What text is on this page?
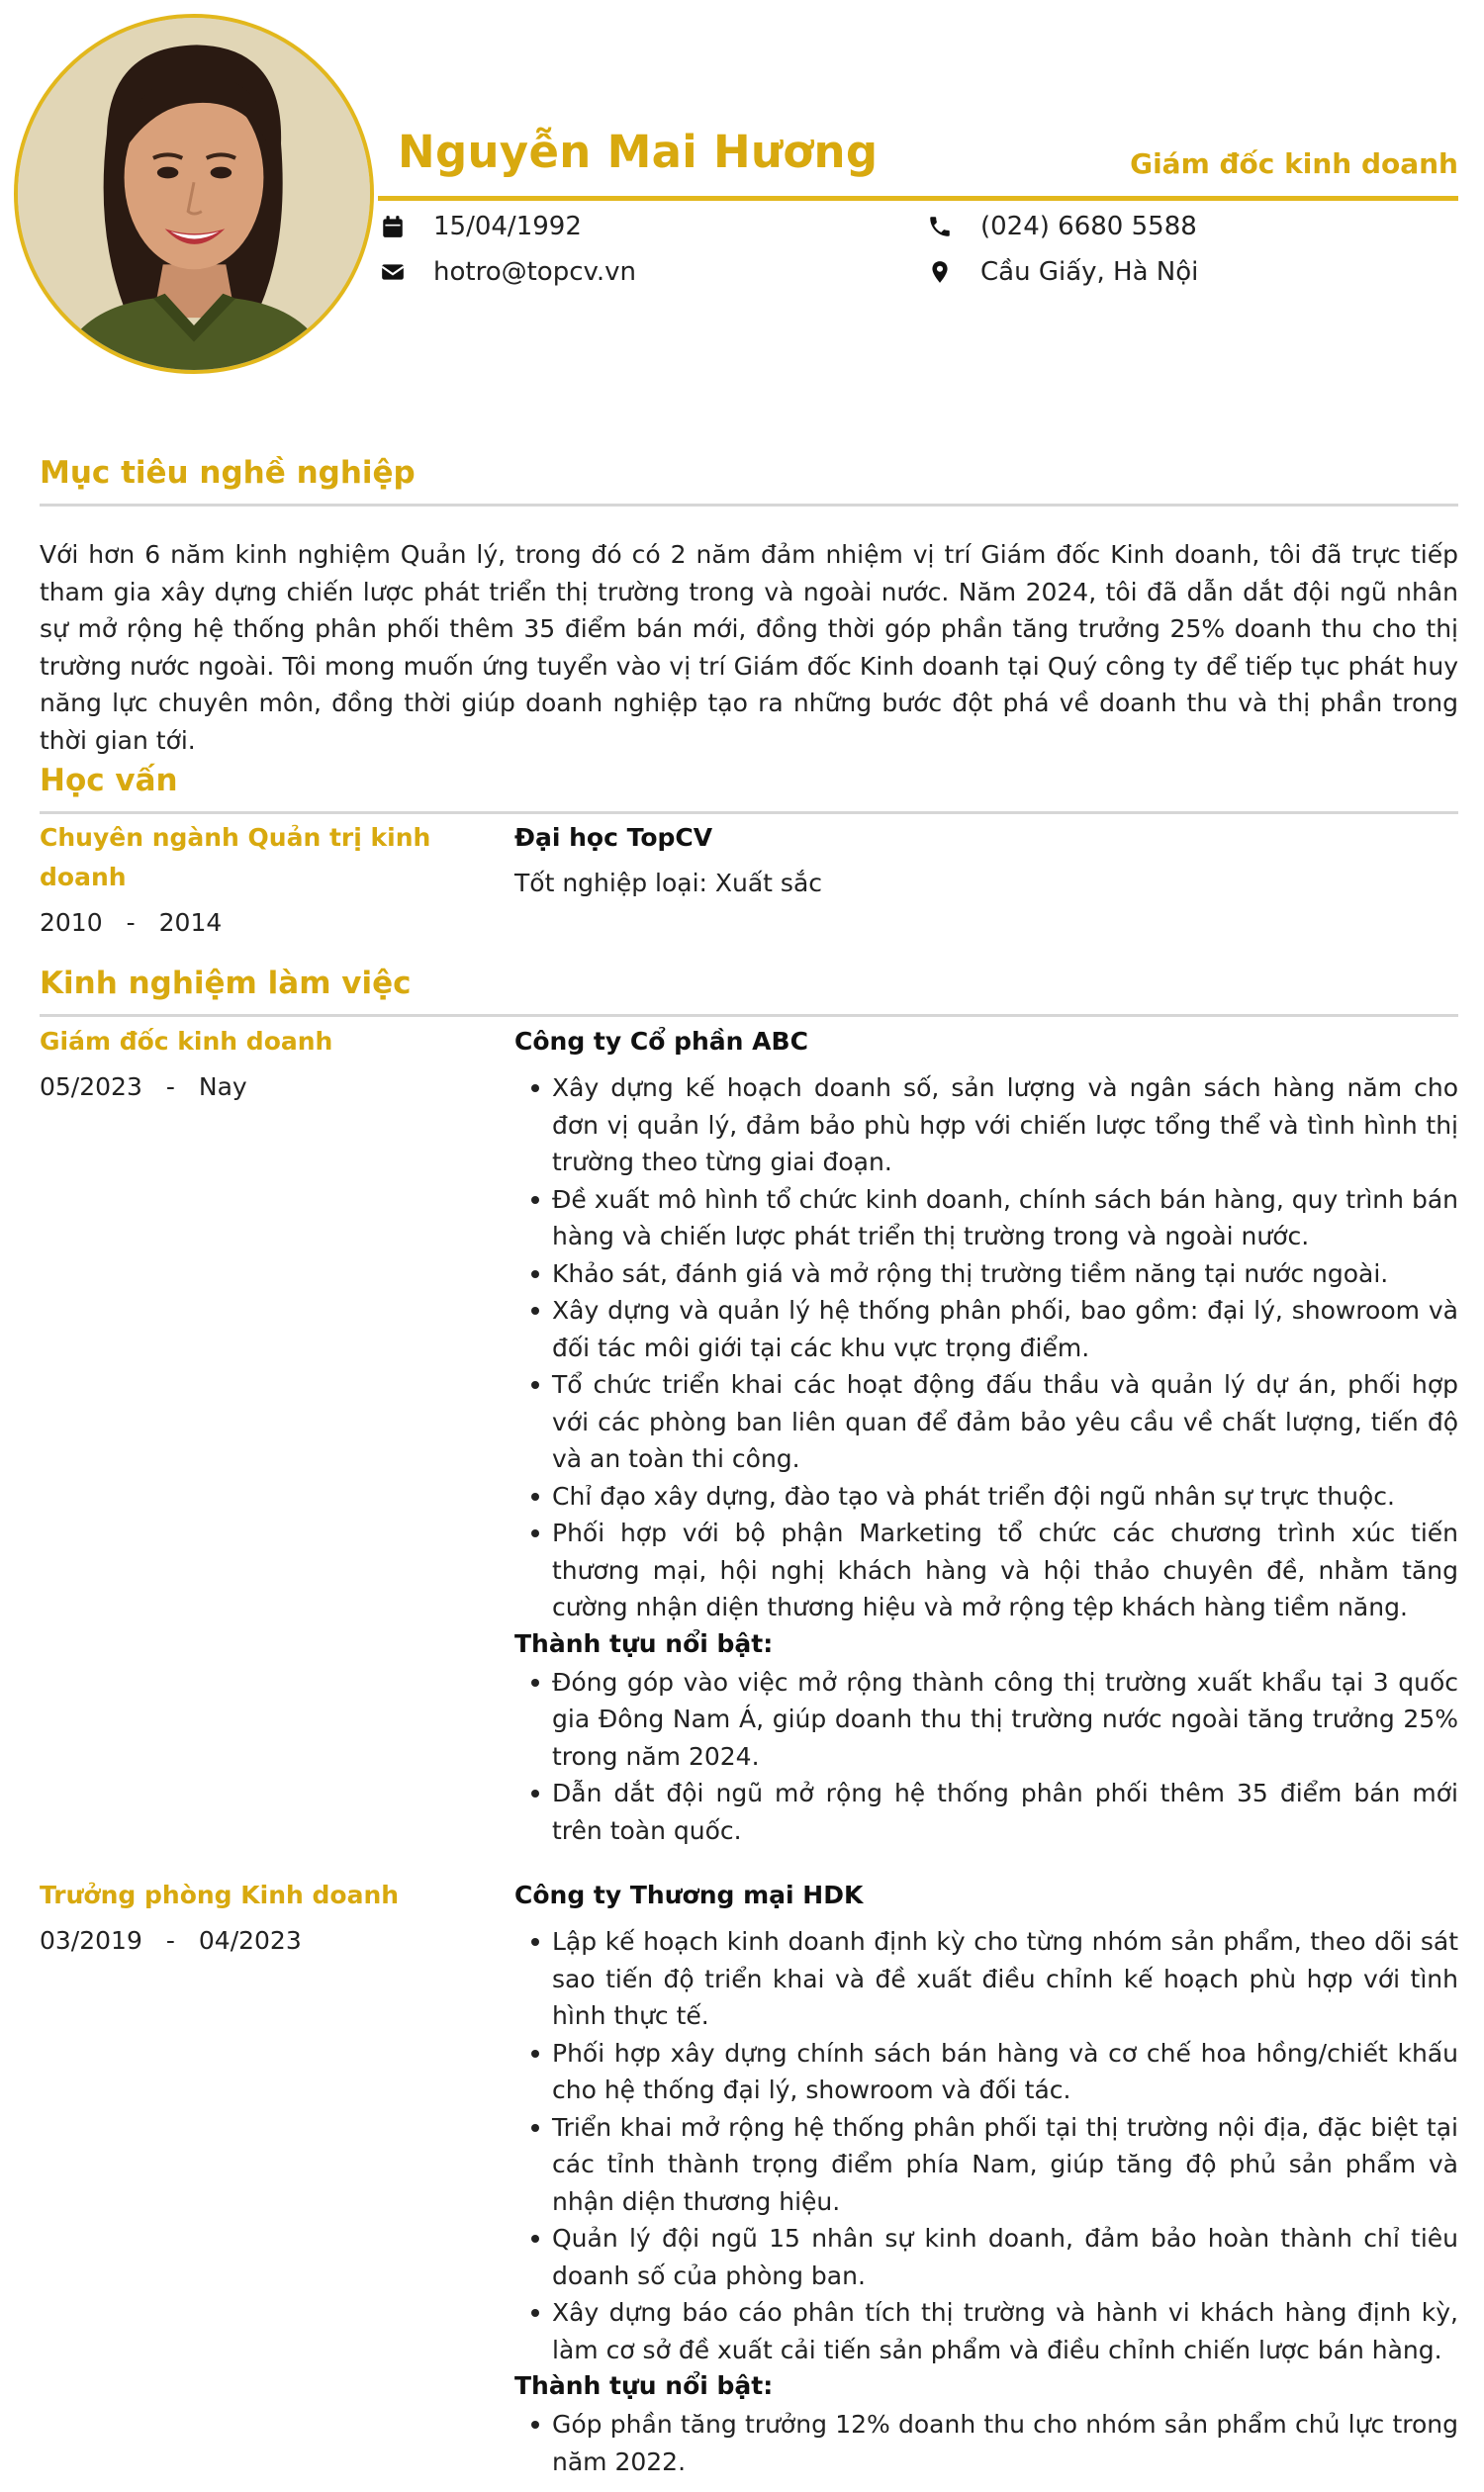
Nguyễn Mai Hương	Giám đốc kinh doanh
15/04/1992
hotro@topcv.vn
(024) 6680 5588
Cầu Giấy, Hà Nội
Mục tiêu nghề nghiệp

Với hơn 6 năm kinh nghiệm Quản lý, trong đó có 2 năm đảm nhiệm vị trí Giám đốc Kinh doanh, tôi đã trực tiếp tham gia xây dựng chiến lược phát triển thị trường trong và ngoài nước. Năm 2024, tôi đã dẫn dắt đội ngũ nhân sự mở rộng hệ thống phân phối thêm 35 điểm bán mới, đồng thời góp phần tăng trưởng 25% doanh thu cho thị trường nước ngoài. Tôi mong muốn ứng tuyển vào vị trí Giám đốc Kinh doanh tại Quý công ty để tiếp tục phát huy năng lực chuyên môn, đồng thời giúp doanh nghiệp tạo ra những bước đột phá về doanh thu và thị phần trong thời gian tới.

Học vấn
Chuyên ngành Quản trị kinh doanh
2010 - 2014
Đại học TopCV
Tốt nghiệp loại: Xuất sắc
Kinh nghiệm làm việc
Giám đốc kinh doanh
05/2023 - Nay
Công ty Cổ phần ABC
Xây dựng kế hoạch doanh số, sản lượng và ngân sách hàng năm cho đơn vị quản lý, đảm bảo phù hợp với chiến lược tổng thể và tình hình thị trường theo từng giai đoạn.
Đề xuất mô hình tổ chức kinh doanh, chính sách bán hàng, quy trình bán hàng và chiến lược phát triển thị trường trong và ngoài nước.
Khảo sát, đánh giá và mở rộng thị trường tiềm năng tại nước ngoài.
Xây dựng và quản lý hệ thống phân phối, bao gồm: đại lý, showroom và đối tác môi giới tại các khu vực trọng điểm.
Tổ chức triển khai các hoạt động đấu thầu và quản lý dự án, phối hợp với các phòng ban liên quan để đảm bảo yêu cầu về chất lượng, tiến độ và an toàn thi công.
Chỉ đạo xây dựng, đào tạo và phát triển đội ngũ nhân sự trực thuộc.
Phối hợp với bộ phận Marketing tổ chức các chương trình xúc tiến thương mại, hội nghị khách hàng và hội thảo chuyên đề, nhằm tăng cường nhận diện thương hiệu và mở rộng tệp khách hàng tiềm năng.
Thành tựu nổi bật:
Đóng góp vào việc mở rộng thành công thị trường xuất khẩu tại 3 quốc gia Đông Nam Á, giúp doanh thu thị trường nước ngoài tăng trưởng 25% trong năm 2024.
Dẫn dắt đội ngũ mở rộng hệ thống phân phối thêm 35 điểm bán mới trên toàn quốc.
Trưởng phòng Kinh doanh
03/2019 - 04/2023
Công ty Thương mại HDK
Lập kế hoạch kinh doanh định kỳ cho từng nhóm sản phẩm, theo dõi sát sao tiến độ triển khai và đề xuất điều chỉnh kế hoạch phù hợp với tình hình thực tế.
Phối hợp xây dựng chính sách bán hàng và cơ chế hoa hồng/chiết khấu cho hệ thống đại lý, showroom và đối tác.
Triển khai mở rộng hệ thống phân phối tại thị trường nội địa, đặc biệt tại các tỉnh thành trọng điểm phía Nam, giúp tăng độ phủ sản phẩm và nhận diện thương hiệu.
Quản lý đội ngũ 15 nhân sự kinh doanh, đảm bảo hoàn thành chỉ tiêu doanh số của phòng ban.
Xây dựng báo cáo phân tích thị trường và hành vi khách hàng định kỳ, làm cơ sở đề xuất cải tiến sản phẩm và điều chỉnh chiến lược bán hàng.
Thành tựu nổi bật:
Góp phần tăng trưởng 12% doanh thu cho nhóm sản phẩm chủ lực trong năm 2022.
